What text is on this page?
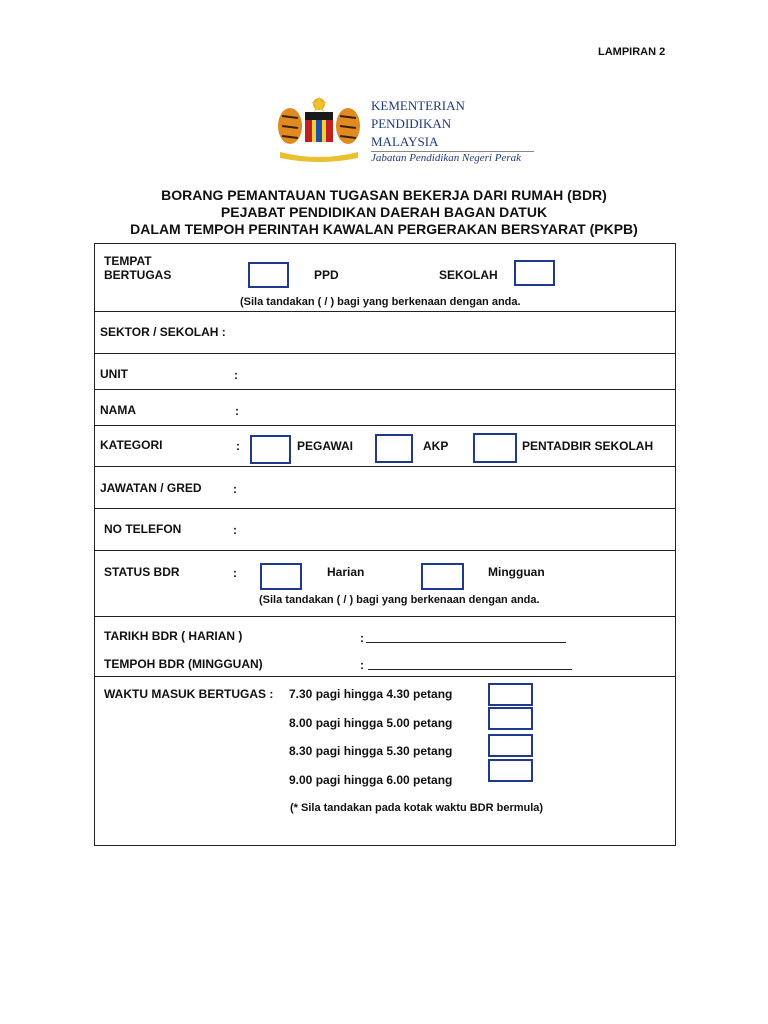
LAMPIRAN 2
KEMENTERIAN
PENDIDIKAN
MALAYSIA
Jabatan Pendidikan Negeri Perak
BORANG PEMANTAUAN TUGASAN BEKERJA DARI RUMAH (BDR)
PEJABAT PENDIDIKAN DAERAH BAGAN DATUK
DALAM TEMPOH PERINTAH KAWALAN PERGERAKAN BERSYARAT (PKPB)
TEMPAT
BERTUGAS	PPD	SEKOLAH
(Sila tandakan ( / ) bagi yang berkenaan dengan anda.
SEKTOR / SEKOLAH :
UNIT	:
NAMA	:
KATEGORI	:	PEGAWAI	AKP	PENTADBIR SEKOLAH
JAWATAN / GRED	:
NO TELEFON	:
STATUS BDR	:	Harian	Mingguan
(Sila tandakan ( / ) bagi yang berkenaan dengan anda.
TARIKH BDR ( HARIAN )	:
TEMPOH BDR (MINGGUAN)	:
WAKTU MASUK BERTUGAS : 7.30 pagi hingga 4.30 petang
8.00 pagi hingga 5.00 petang
8.30 pagi hingga 5.30 petang
9.00 pagi hingga 6.00 petang
(* Sila tandakan pada kotak waktu BDR bermula)
